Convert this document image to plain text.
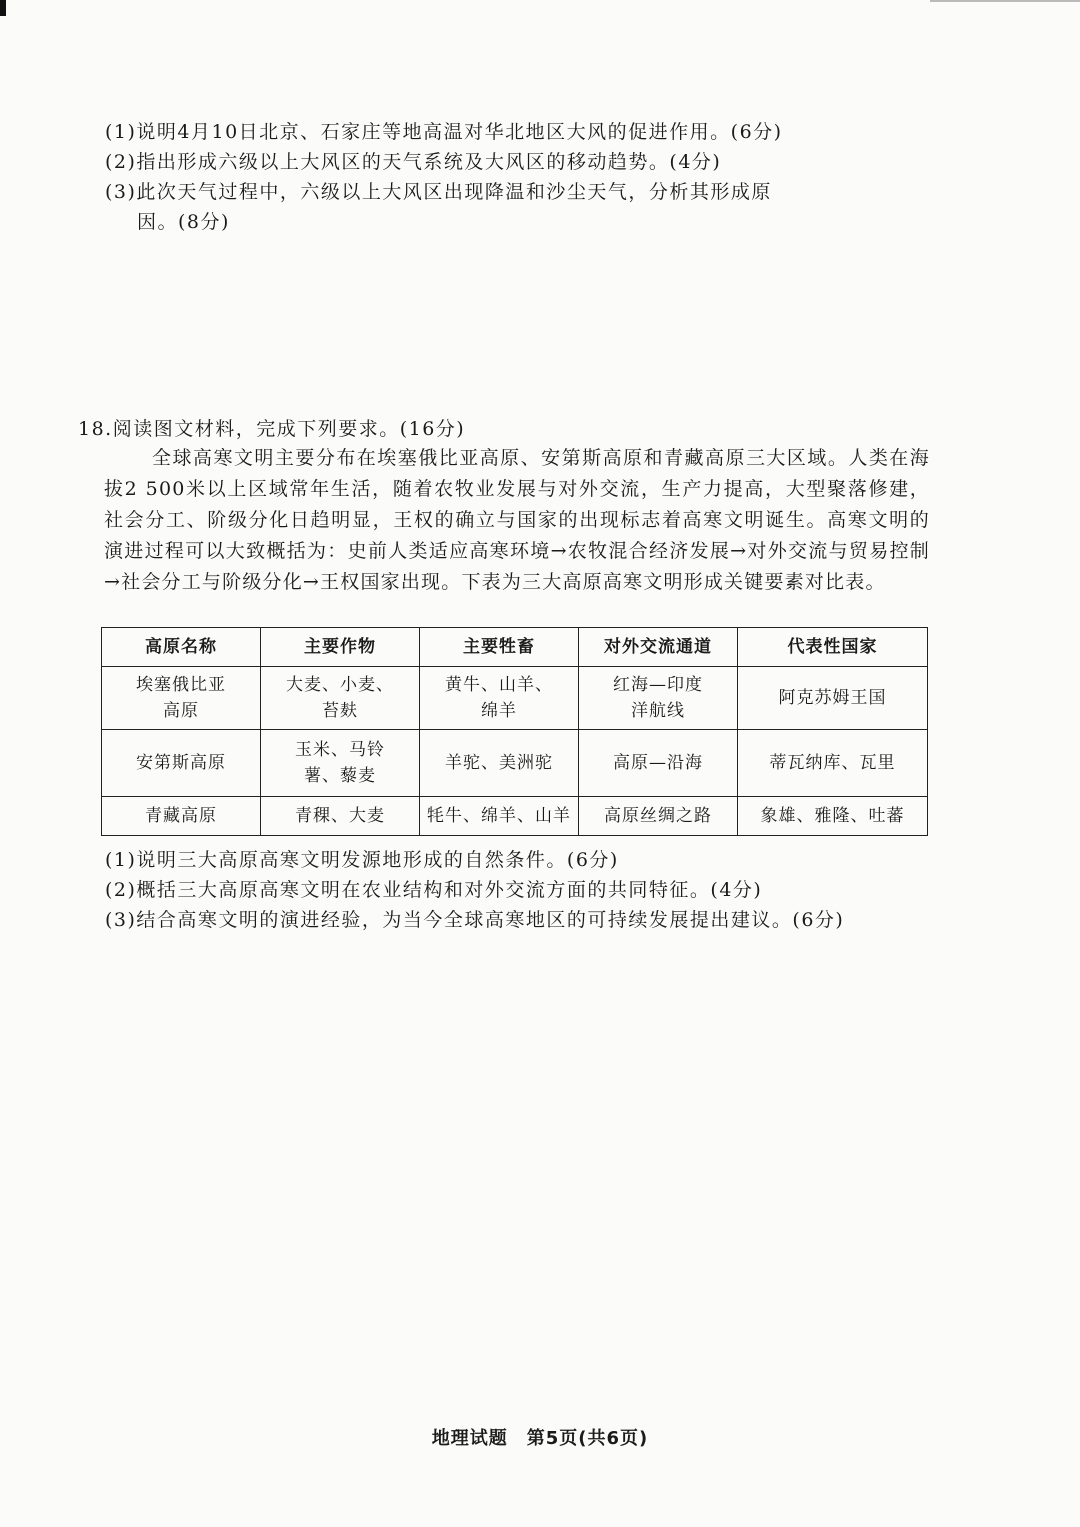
(1)说明4月10日北京、石家庄等地高温对华北地区大风的促进作用。(6分)
(2)指出形成六级以上大风区的天气系统及大风区的移动趋势。(4分)
(3)此次天气过程中，六级以上大风区出现降温和沙尘天气，分析其形成原
因。(8分)
18.阅读图文材料，完成下列要求。(16分)
全球高寒文明主要分布在埃塞俄比亚高原、安第斯高原和青藏高原三大区域。人类在海拔2 500米以上区域常年生活，随着农牧业发展与对外交流，生产力提高，大型聚落修建，社会分工、阶级分化日趋明显，王权的确立与国家的出现标志着高寒文明诞生。高寒文明的演进过程可以大致概括为：史前人类适应高寒环境→农牧混合经济发展→对外交流与贸易控制→社会分工与阶级分化→王权国家出现。下表为三大高原高寒文明形成关键要素对比表。
高原名称	主要作物	主要牲畜	对外交流通道	代表性国家

埃塞俄比亚高原	大麦、小麦、苔麸	黄牛、山羊、绵羊	红海—印度洋航线	阿克苏姆王国
安第斯高原	玉米、马铃薯、藜麦	羊驼、美洲驼	高原—沿海	蒂瓦纳库、瓦里
青藏高原	青稞、大麦	牦牛、绵羊、山羊	高原丝绸之路	象雄、雅隆、吐蕃
(1)说明三大高原高寒文明发源地形成的自然条件。(6分)
(2)概括三大高原高寒文明在农业结构和对外交流方面的共同特征。(4分)
(3)结合高寒文明的演进经验，为当今全球高寒地区的可持续发展提出建议。(6分)
地理试题　第5页(共6页)
